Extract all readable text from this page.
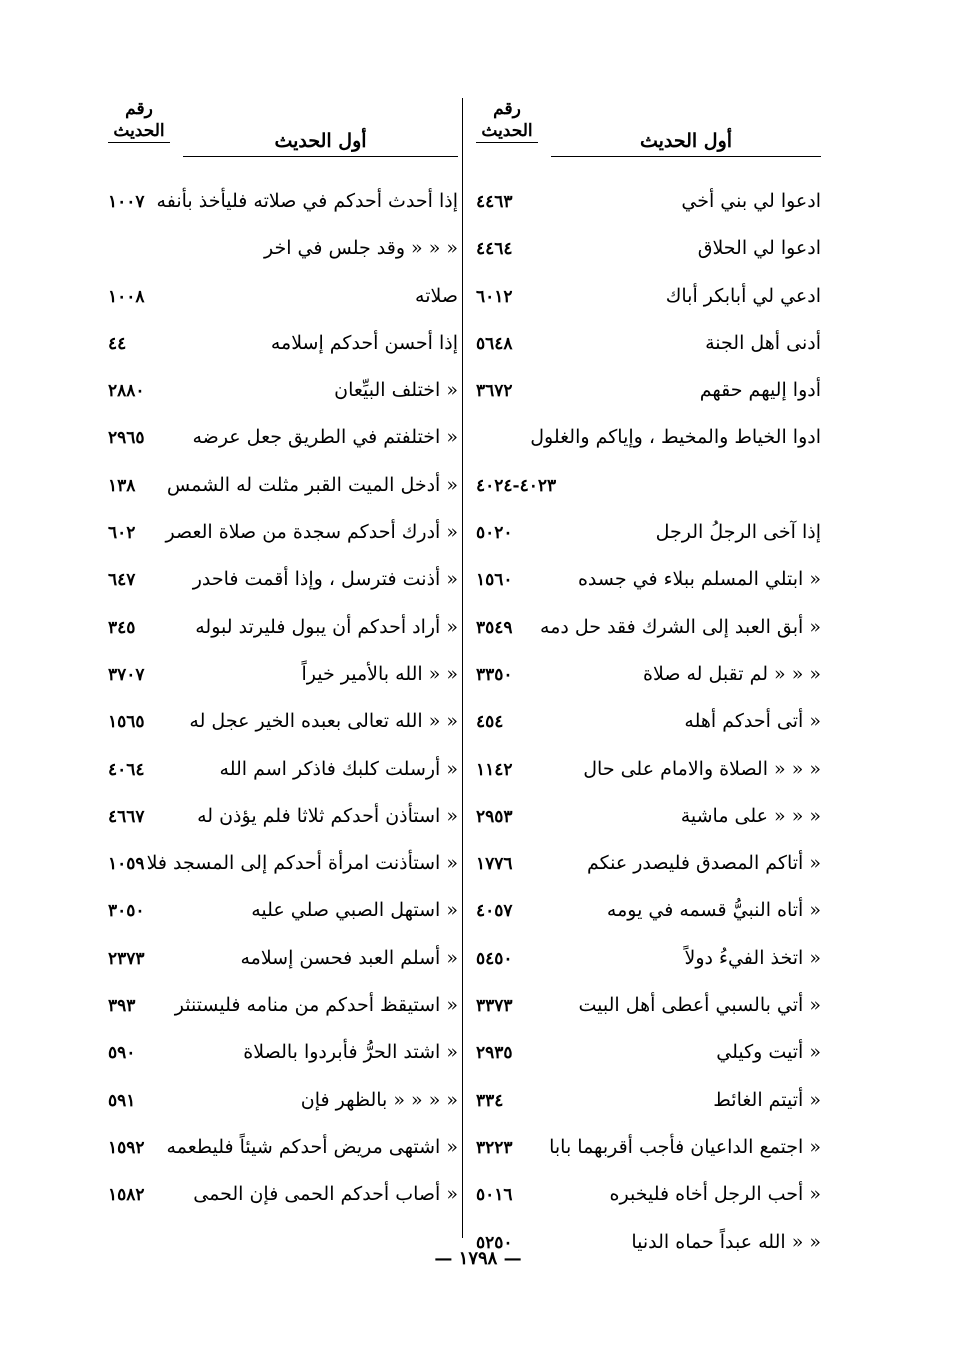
رقم
الحديث	أول الحديث
ادعوا لي بني أخي
٤٤٦٣
ادعوا لي الحلاق
٤٤٦٤
ادعي لي أبابكر أباك
٦٠١٢
أدنى أهل الجنة
٥٦٤٨
أدوا إليهم حقهم
٣٦٧٢
ادوا الخياط والمخيط ، وإياكم والغلول
٤٠٢٣-٤٠٢٤
إذا آخى الرجلُ الرجل
٥٠٢٠
« ابتلي المسلم ببلاء في جسده
١٥٦٠
« أبق العبد إلى الشرك فقد حل دمه
٣٥٤٩
« « « لم تقبل له صلاة
٣٣٥٠
« أتى أحدكم أهله
٤٥٤
« « « الصلاة والامام على حال
١١٤٢
« « « على ماشية
٢٩٥٣
« أتاكم المصدق فليصدر عنكم
١٧٧٦
« أتاه النبيُّ قسمه في يومه
٤٠٥٧
« اتخذ الفيءُ دولاً
٥٤٥٠
« أتي بالسبي أعطى أهل البيت
٣٣٧٣
« أتيت وكيلي
٢٩٣٥
« أتيتم الغائط
٣٣٤
« اجتمع الداعيان فأجب أقربهما بابا
٣٢٢٣
« أحب الرجل أخاه فليخبره
٥٠١٦
« « الله عبداً حماه الدنيا
٥٢٥٠
رقم
الحديث	أول الحديث
إذا أحدث أحدكم في صلاته فليأخذ بأنفه
١٠٠٧
« « « وقد جلس في اخر
صلاته
١٠٠٨
إذا أحسن أحدكم إسلامه
٤٤
« اختلف البيِّعان
٢٨٨٠
« اختلفتم في الطريق جعل عرضه
٢٩٦٥
« أدخل الميت القبر مثلت له الشمس
١٣٨
« أدرك أحدكم سجدة من صلاة العصر
٦٠٢
« أذنت فترسل ، وإذا أقمت فاحدر
٦٤٧
« أراد أحدكم أن يبول فليرتد لبوله
٣٤٥
« « الله بالأمير خيراً
٣٧٠٧
« « الله تعالى بعبده الخير عجل له
١٥٦٥
« أرسلت كلبك فاذكر اسم الله
٤٠٦٤
« استأذن أحدكم ثلاثا فلم يؤذن له
٤٦٦٧
« استأذنت امرأة أحدكم إلى المسجد فلا
١٠٥٩
« استهل الصبي صلي عليه
٣٠٥٠
« أسلم العبد فحسن إسلامه
٢٣٧٣
« استيقظ أحدكم من منامه فليستنثر
٣٩٣
« اشتد الحرُّ فأبردوا بالصلاة
٥٩٠
« « « « بالظهر فإن
٥٩١
« اشتهى مريض أحدكم شيئاً فليطعمه
١٥٩٢
« أصاب أحدكم الحمى فإن الحمى
١٥٨٢
— ١٧٩٨ —
